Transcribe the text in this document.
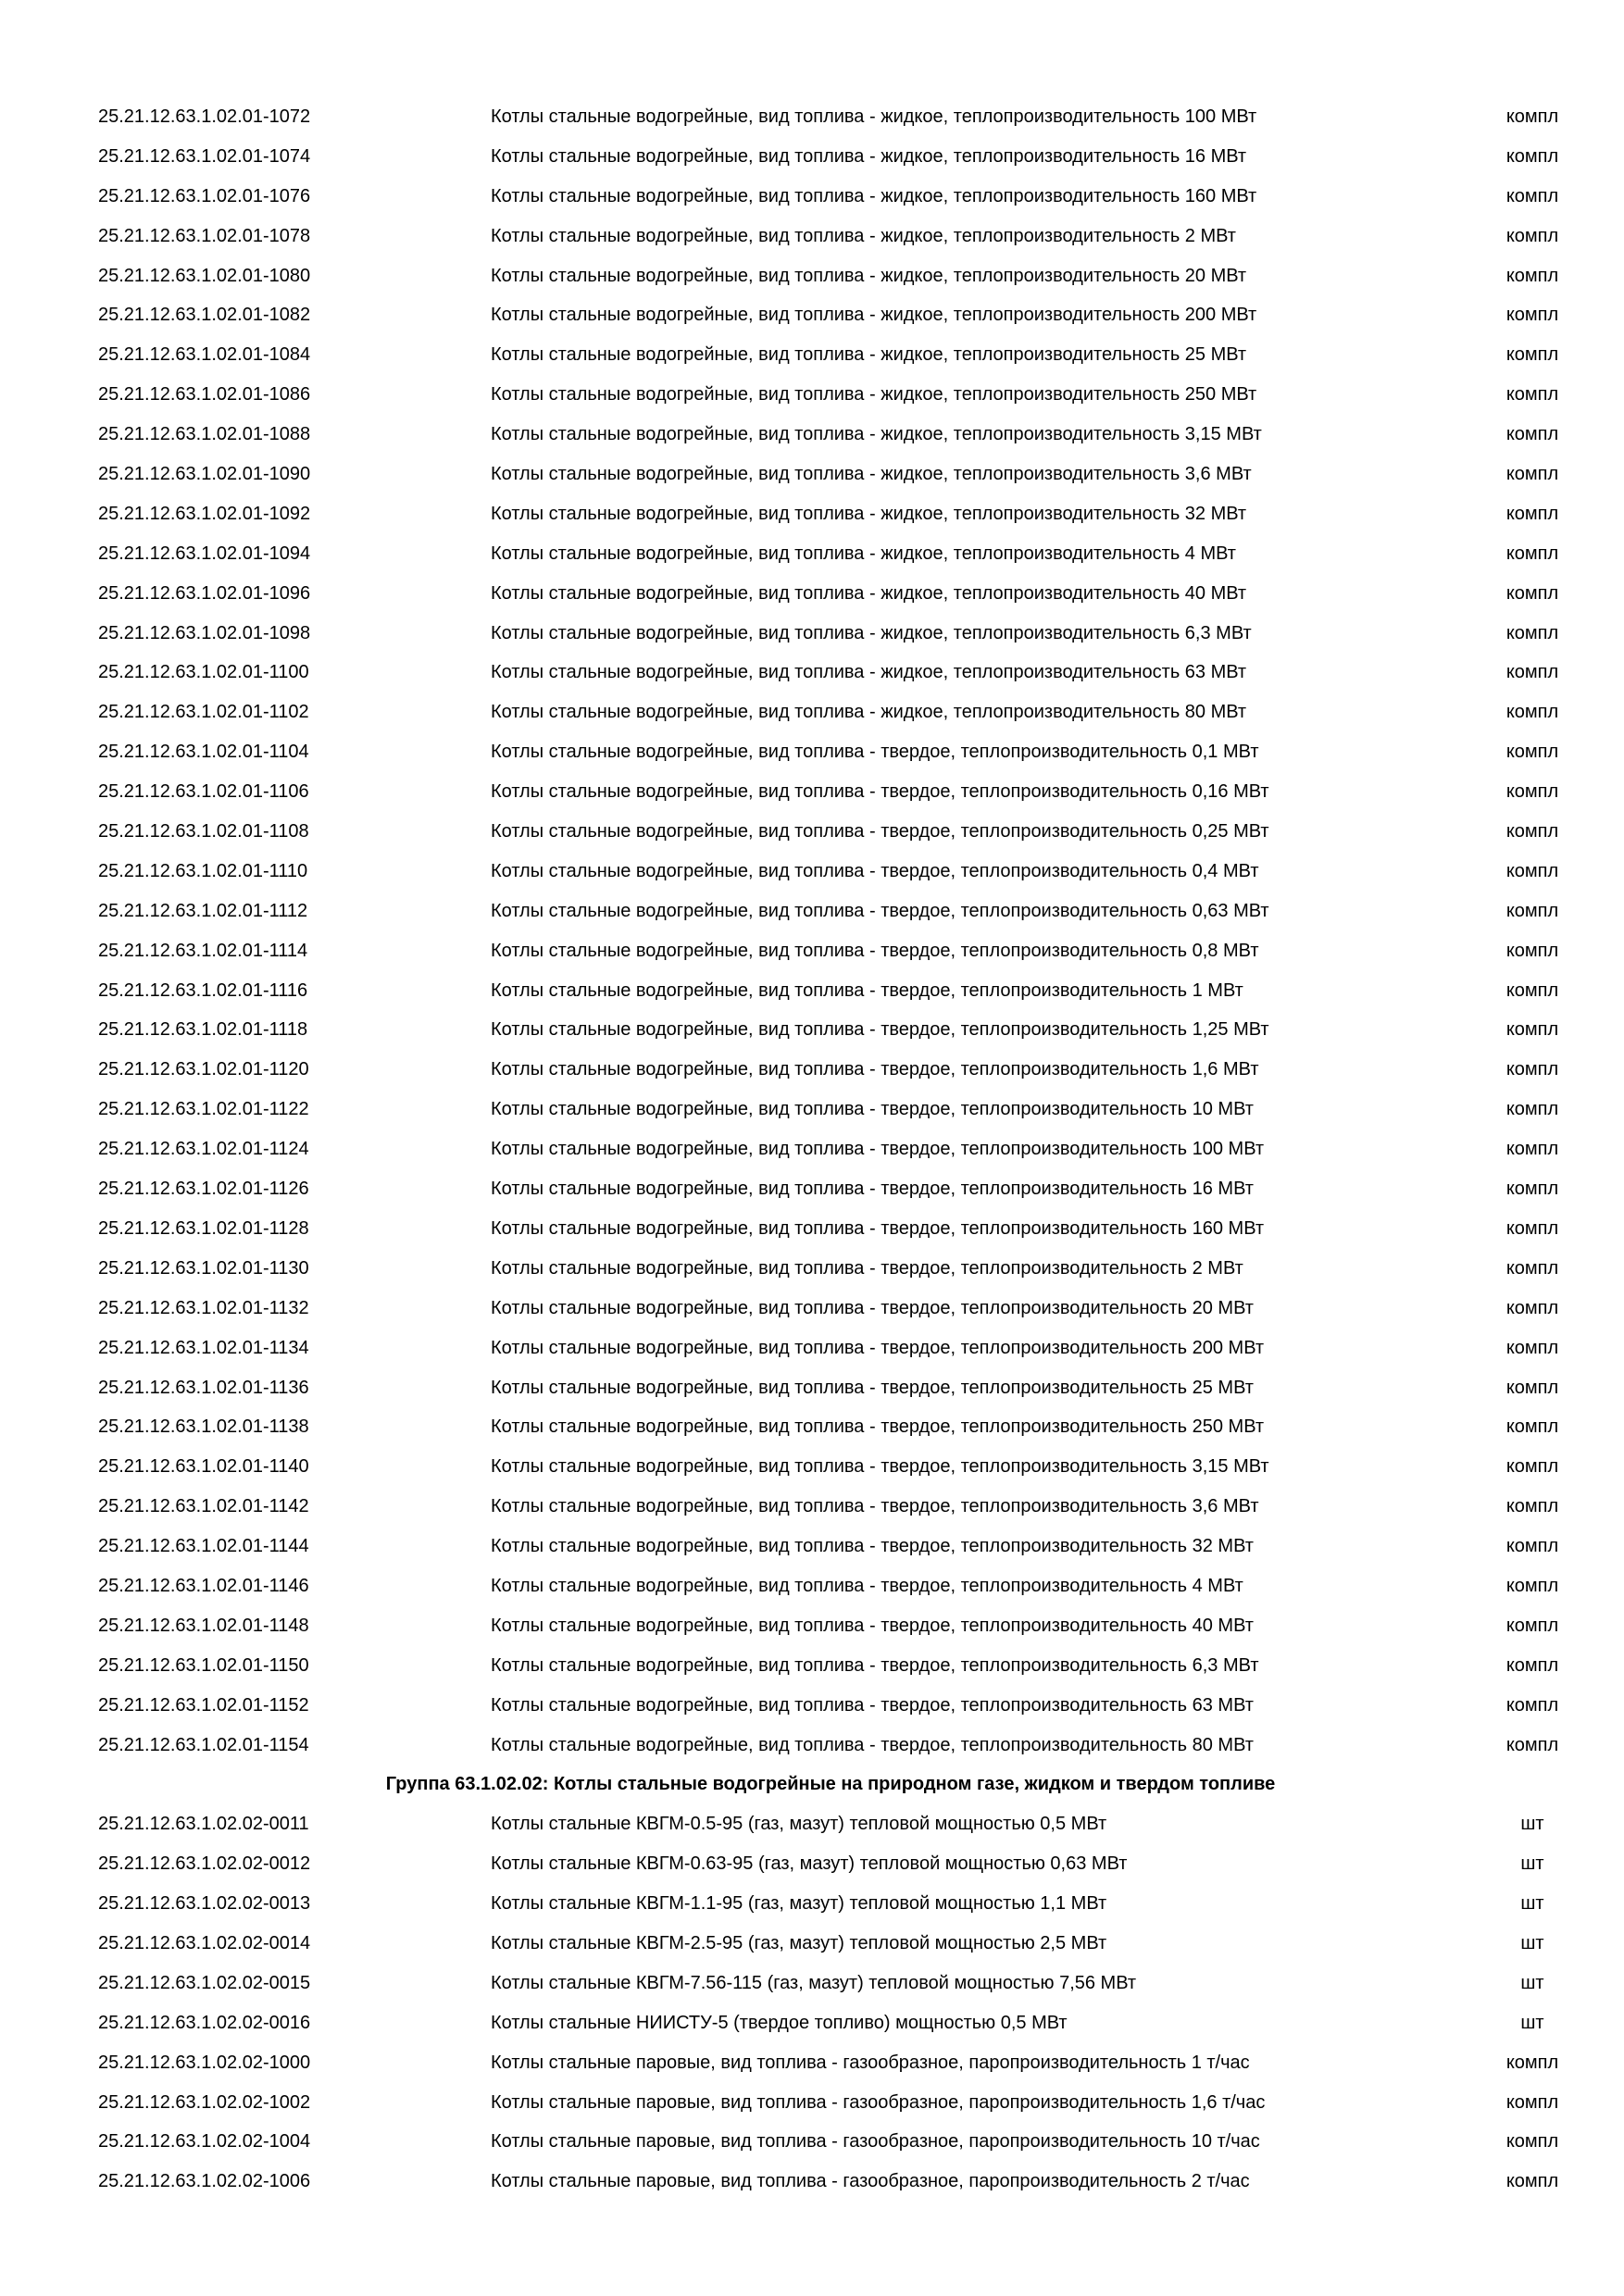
25.21.12.63.1.02.01-1072	Котлы стальные водогрейные, вид топлива - жидкое, теплопроизводительность 100 МВт	компл
25.21.12.63.1.02.01-1074	Котлы стальные водогрейные, вид топлива - жидкое, теплопроизводительность 16 МВт	компл
25.21.12.63.1.02.01-1076	Котлы стальные водогрейные, вид топлива - жидкое, теплопроизводительность 160 МВт	компл
25.21.12.63.1.02.01-1078	Котлы стальные водогрейные, вид топлива - жидкое, теплопроизводительность 2 МВт	компл
25.21.12.63.1.02.01-1080	Котлы стальные водогрейные, вид топлива - жидкое, теплопроизводительность 20 МВт	компл
25.21.12.63.1.02.01-1082	Котлы стальные водогрейные, вид топлива - жидкое, теплопроизводительность 200 МВт	компл
25.21.12.63.1.02.01-1084	Котлы стальные водогрейные, вид топлива - жидкое, теплопроизводительность 25 МВт	компл
25.21.12.63.1.02.01-1086	Котлы стальные водогрейные, вид топлива - жидкое, теплопроизводительность 250 МВт	компл
25.21.12.63.1.02.01-1088	Котлы стальные водогрейные, вид топлива - жидкое, теплопроизводительность 3,15 МВт	компл
25.21.12.63.1.02.01-1090	Котлы стальные водогрейные, вид топлива - жидкое, теплопроизводительность 3,6 МВт	компл
25.21.12.63.1.02.01-1092	Котлы стальные водогрейные, вид топлива - жидкое, теплопроизводительность 32 МВт	компл
25.21.12.63.1.02.01-1094	Котлы стальные водогрейные, вид топлива - жидкое, теплопроизводительность 4 МВт	компл
25.21.12.63.1.02.01-1096	Котлы стальные водогрейные, вид топлива - жидкое, теплопроизводительность 40 МВт	компл
25.21.12.63.1.02.01-1098	Котлы стальные водогрейные, вид топлива - жидкое, теплопроизводительность 6,3 МВт	компл
25.21.12.63.1.02.01-1100	Котлы стальные водогрейные, вид топлива - жидкое, теплопроизводительность 63 МВт	компл
25.21.12.63.1.02.01-1102	Котлы стальные водогрейные, вид топлива - жидкое, теплопроизводительность 80 МВт	компл
25.21.12.63.1.02.01-1104	Котлы стальные водогрейные, вид топлива - твердое, теплопроизводительность 0,1 МВт	компл
25.21.12.63.1.02.01-1106	Котлы стальные водогрейные, вид топлива - твердое, теплопроизводительность 0,16 МВт	компл
25.21.12.63.1.02.01-1108	Котлы стальные водогрейные, вид топлива - твердое, теплопроизводительность 0,25 МВт	компл
25.21.12.63.1.02.01-1110	Котлы стальные водогрейные, вид топлива - твердое, теплопроизводительность 0,4 МВт	компл
25.21.12.63.1.02.01-1112	Котлы стальные водогрейные, вид топлива - твердое, теплопроизводительность 0,63 МВт	компл
25.21.12.63.1.02.01-1114	Котлы стальные водогрейные, вид топлива - твердое, теплопроизводительность 0,8 МВт	компл
25.21.12.63.1.02.01-1116	Котлы стальные водогрейные, вид топлива - твердое, теплопроизводительность 1 МВт	компл
25.21.12.63.1.02.01-1118	Котлы стальные водогрейные, вид топлива - твердое, теплопроизводительность 1,25 МВт	компл
25.21.12.63.1.02.01-1120	Котлы стальные водогрейные, вид топлива - твердое, теплопроизводительность 1,6 МВт	компл
25.21.12.63.1.02.01-1122	Котлы стальные водогрейные, вид топлива - твердое, теплопроизводительность 10 МВт	компл
25.21.12.63.1.02.01-1124	Котлы стальные водогрейные, вид топлива - твердое, теплопроизводительность 100 МВт	компл
25.21.12.63.1.02.01-1126	Котлы стальные водогрейные, вид топлива - твердое, теплопроизводительность 16 МВт	компл
25.21.12.63.1.02.01-1128	Котлы стальные водогрейные, вид топлива - твердое, теплопроизводительность 160 МВт	компл
25.21.12.63.1.02.01-1130	Котлы стальные водогрейные, вид топлива - твердое, теплопроизводительность 2 МВт	компл
25.21.12.63.1.02.01-1132	Котлы стальные водогрейные, вид топлива - твердое, теплопроизводительность 20 МВт	компл
25.21.12.63.1.02.01-1134	Котлы стальные водогрейные, вид топлива - твердое, теплопроизводительность 200 МВт	компл
25.21.12.63.1.02.01-1136	Котлы стальные водогрейные, вид топлива - твердое, теплопроизводительность 25 МВт	компл
25.21.12.63.1.02.01-1138	Котлы стальные водогрейные, вид топлива - твердое, теплопроизводительность 250 МВт	компл
25.21.12.63.1.02.01-1140	Котлы стальные водогрейные, вид топлива - твердое, теплопроизводительность 3,15 МВт	компл
25.21.12.63.1.02.01-1142	Котлы стальные водогрейные, вид топлива - твердое, теплопроизводительность 3,6 МВт	компл
25.21.12.63.1.02.01-1144	Котлы стальные водогрейные, вид топлива - твердое, теплопроизводительность 32 МВт	компл
25.21.12.63.1.02.01-1146	Котлы стальные водогрейные, вид топлива - твердое, теплопроизводительность 4 МВт	компл
25.21.12.63.1.02.01-1148	Котлы стальные водогрейные, вид топлива - твердое, теплопроизводительность 40 МВт	компл
25.21.12.63.1.02.01-1150	Котлы стальные водогрейные, вид топлива - твердое, теплопроизводительность 6,3 МВт	компл
25.21.12.63.1.02.01-1152	Котлы стальные водогрейные, вид топлива - твердое, теплопроизводительность 63 МВт	компл
25.21.12.63.1.02.01-1154	Котлы стальные водогрейные, вид топлива - твердое, теплопроизводительность 80 МВт	компл
Группа 63.1.02.02: Котлы стальные водогрейные на природном газе, жидком и твердом топливе
25.21.12.63.1.02.02-0011	Котлы стальные КВГМ-0.5-95 (газ, мазут) тепловой мощностью 0,5 МВт	шт
25.21.12.63.1.02.02-0012	Котлы стальные КВГМ-0.63-95 (газ, мазут) тепловой мощностью 0,63 МВт	шт
25.21.12.63.1.02.02-0013	Котлы стальные КВГМ-1.1-95 (газ, мазут) тепловой мощностью 1,1 МВт	шт
25.21.12.63.1.02.02-0014	Котлы стальные КВГМ-2.5-95 (газ, мазут) тепловой мощностью 2,5 МВт	шт
25.21.12.63.1.02.02-0015	Котлы стальные КВГМ-7.56-115 (газ, мазут) тепловой мощностью 7,56 МВт	шт
25.21.12.63.1.02.02-0016	Котлы стальные НИИСТУ-5 (твердое топливо) мощностью 0,5 МВт	шт
25.21.12.63.1.02.02-1000	Котлы стальные паровые, вид топлива - газообразное, паропроизводительность 1 т/час	компл
25.21.12.63.1.02.02-1002	Котлы стальные паровые, вид топлива - газообразное, паропроизводительность 1,6 т/час	компл
25.21.12.63.1.02.02-1004	Котлы стальные паровые, вид топлива - газообразное, паропроизводительность 10 т/час	компл
25.21.12.63.1.02.02-1006	Котлы стальные паровые, вид топлива - газообразное, паропроизводительность 2 т/час	компл
